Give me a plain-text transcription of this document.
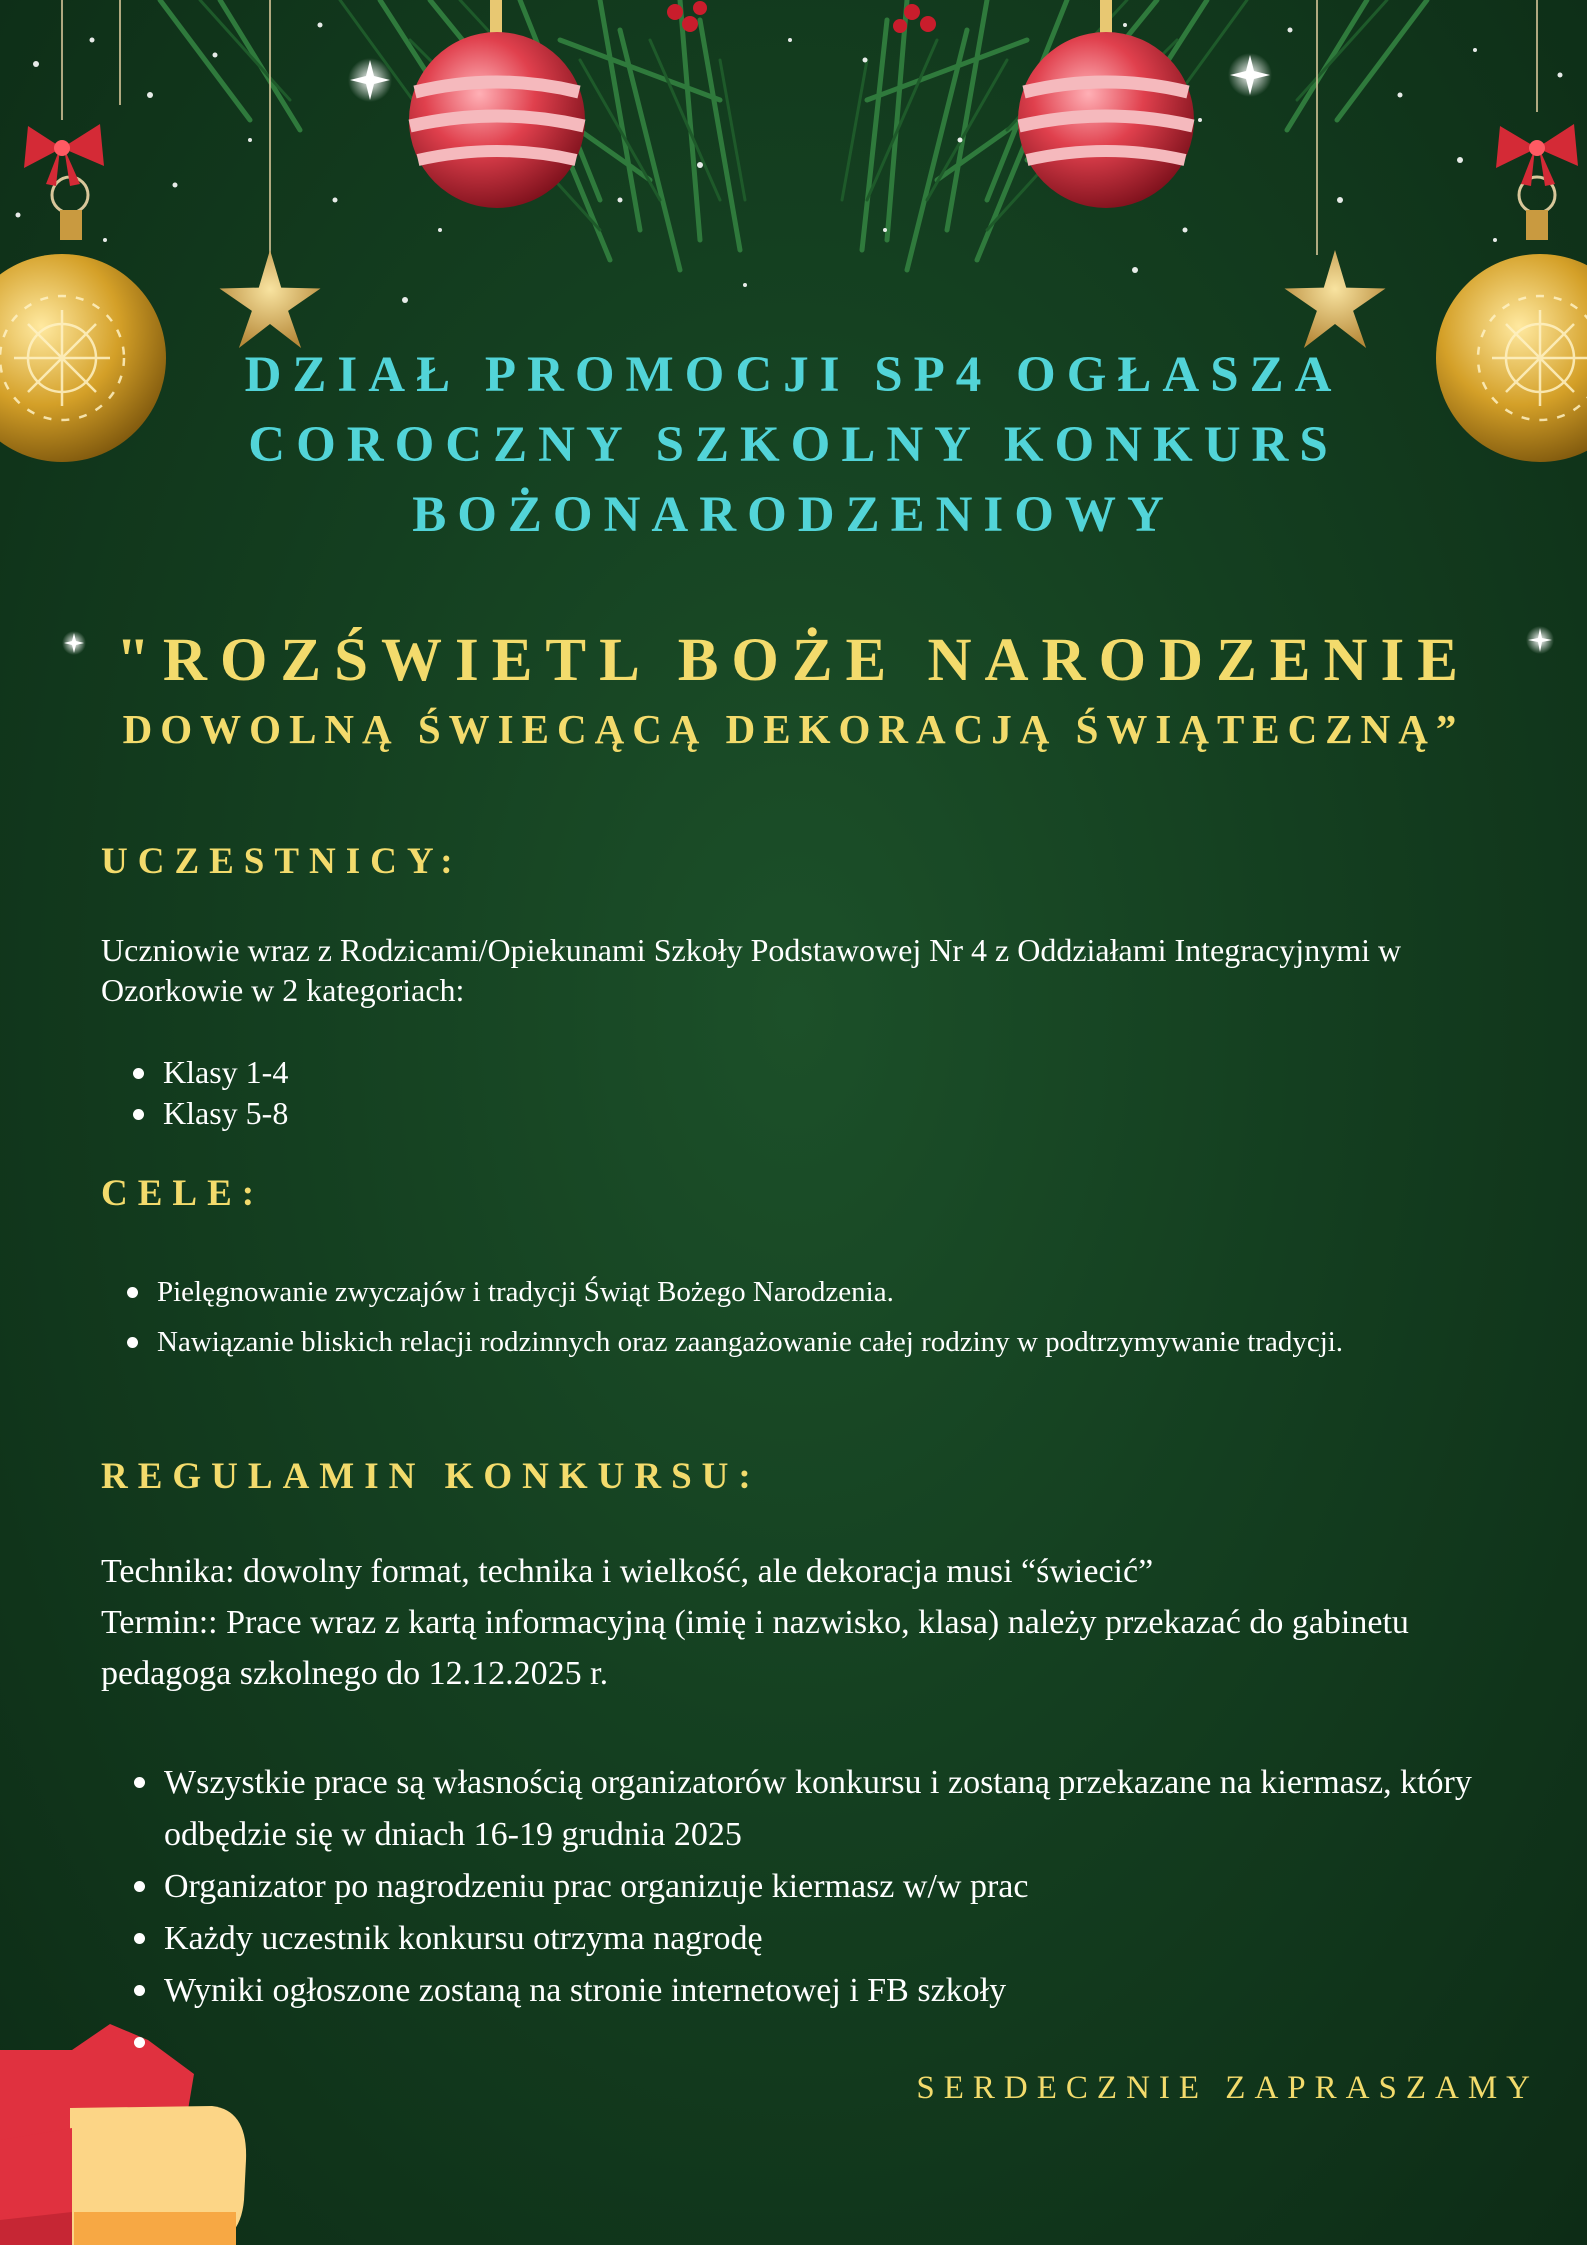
DZIAŁ PROMOCJI SP4 OGŁASZA
COROCZNY SZKOLNY KONKURS
BOŻONARODZENIOWY
"ROZŚWIETL BOŻE NARODZENIE
DOWOLNĄ ŚWIECĄCĄ DEKORACJĄ ŚWIĄTECZNĄ”
UCZESTNICY:

Uczniowie wraz z Rodzicami/Opiekunami Szkoły Podstawowej Nr 4 z Oddziałami Integracyjnymi w Ozorkowie w 2 kategoriach:

Klasy 1-4
Klasy 5-8
CELE:
Pielęgnowanie zwyczajów i tradycji Świąt Bożego Narodzenia.
Nawiązanie bliskich relacji rodzinnych oraz zaangażowanie całej rodziny w podtrzymywanie tradycji.
REGULAMIN KONKURSU:
Technika: dowolny format, technika i wielkość, ale dekoracja musi “świecić”
Termin:: Prace wraz z kartą informacyjną (imię i nazwisko, klasa) należy przekazać do gabinetu pedagoga szkolnego do 12.12.2025 r.
Wszystkie prace są własnością organizatorów konkursu i zostaną przekazane na kiermasz, który odbędzie się w dniach 16-19 grudnia 2025
Organizator po nagrodzeniu prac organizuje kiermasz w/w prac
Każdy uczestnik konkursu otrzyma nagrodę
Wyniki ogłoszone zostaną na stronie internetowej i FB szkoły
SERDECZNIE ZAPRASZAMY
